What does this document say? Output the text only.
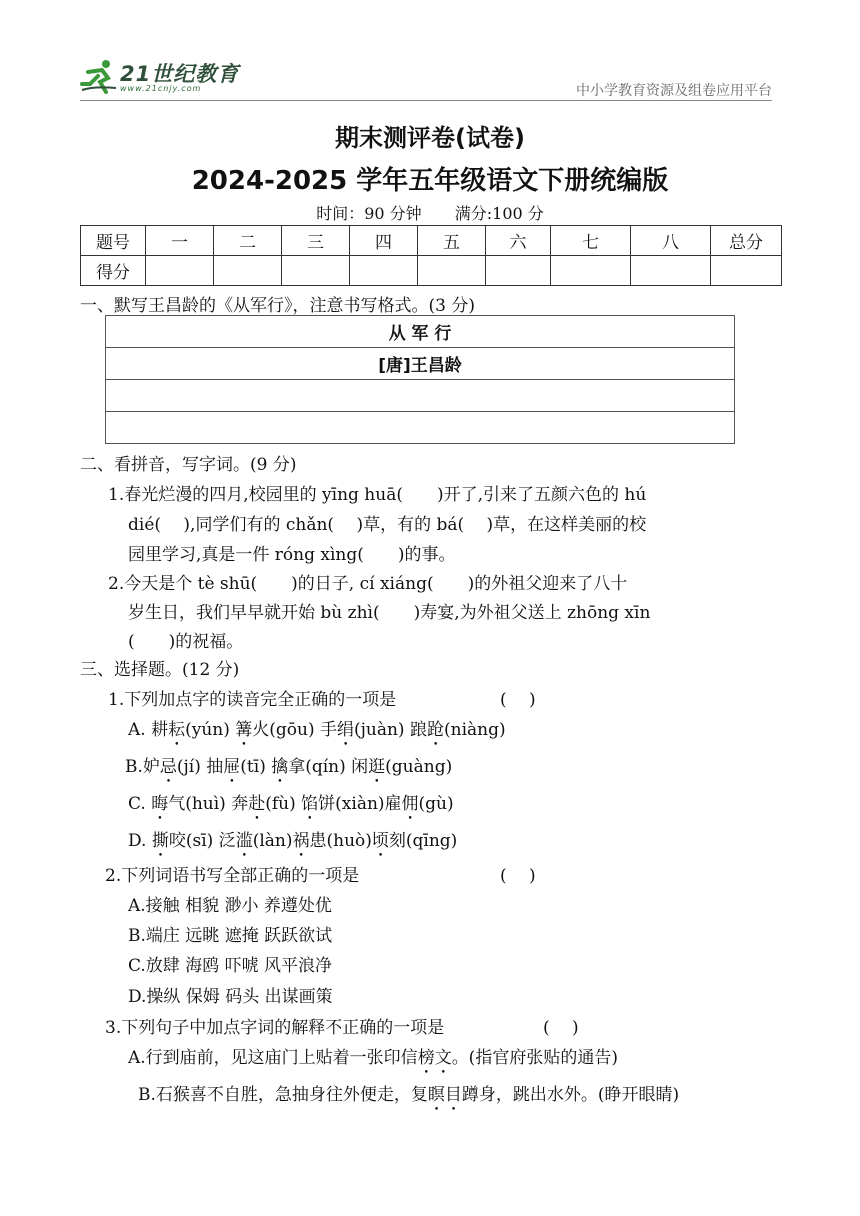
21世纪教育
www.21cnjy.com	中小学教育资源及组卷应用平台
期末测评卷(试卷)
2024-2025 学年五年级语文下册统编版
时间：90 分钟 满分:100 分
题号	一	二	三	四	五	六	七	八	总分
得分									
一、默写王昌龄的《从军行》，注意书写格式。(3 分)
从 军 行
[唐]王昌龄

二、看拼音，写字词。(9 分)
1.春光烂漫的四月,校园里的 yīng huā(　　)开了,引来了五颜六色的 hú
dié(　 ),同学们有的 chǎn(　 )草，有的 bá(　 )草，在这样美丽的校
园里学习,真是一件 róng xìng(　　)的事。
2.今天是个 tè shū(　　)的日子, cí xiáng(　　)的外祖父迎来了八十
岁生日，我们早早就开始 bù zhì(　　)寿宴,为外祖父送上 zhōng xīn
(　　)的祝福。
三、选择题。(12 分)
1.下列加点字的读音完全正确的一项是	(　 )
A. 耕耘(yún) 篝火(gōu) 手绢(juàn) 踉跄(niàng)
B.妒忌(jí) 抽屉(tī) 擒拿(qín) 闲逛(guàng)
C. 晦气(huì) 奔赴(fù) 馅饼(xiàn)雇佣(gù)
D. 撕咬(sī) 泛滥(làn)祸患(huò)顷刻(qīng)
2.下列词语书写全部正确的一项是	(　 )
A.接触 相貌 渺小 养遵处优
B.端庄 远眺 遮掩 跃跃欲试
C.放肆 海鸥 吓唬 风平浪净
D.操纵 保姆 码头 出谋画策
3.下列句子中加点字词的解释不正确的一项是	(　 )
A.行到庙前，见这庙门上贴着一张印信榜文。(指官府张贴的通告)
B.石猴喜不自胜，急抽身往外便走，复瞑目蹲身，跳出水外。(睁开眼睛)
